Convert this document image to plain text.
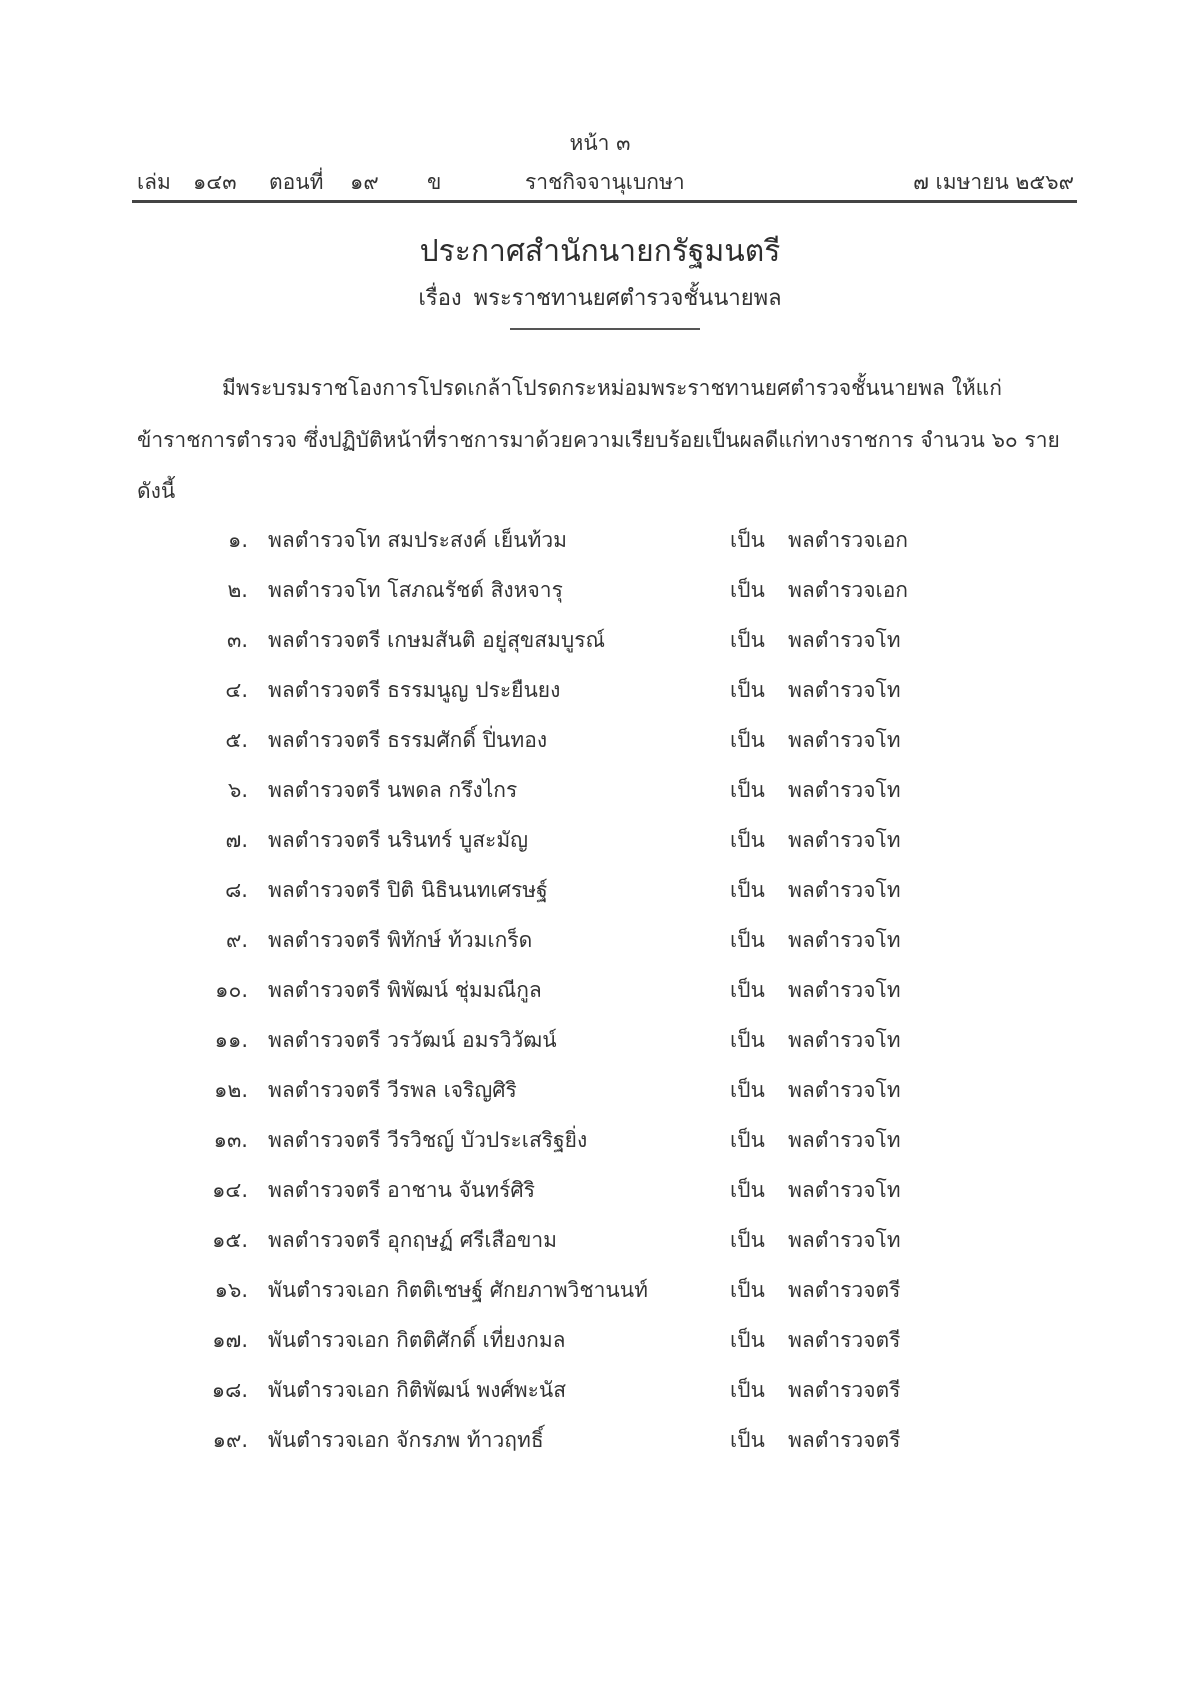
หน้า ๓
เล่ม ๑๔๓ ตอนที่ ๑๙ ข	ราชกิจจานุเบกษา	๗ เมษายน ๒๕๖๙
ประกาศสำนักนายกรัฐมนตรี
เรื่อง พระราชทานยศตำรวจชั้นนายพล
มีพระบรมราชโองการโปรดเกล้าโปรดกระหม่อมพระราชทานยศตำรวจชั้นนายพล ให้แก่
ข้าราชการตำรวจ ซึ่งปฏิบัติหน้าที่ราชการมาด้วยความเรียบร้อยเป็นผลดีแก่ทางราชการ จำนวน ๖๐ ราย
ดังนี้
๑. พลตำรวจโท สมประสงค์ เย็นท้วม	เป็น พลตำรวจเอก
๒. พลตำรวจโท โสภณรัชต์ สิงหจารุ	เป็น พลตำรวจเอก
๓. พลตำรวจตรี เกษมสันติ อยู่สุขสมบูรณ์	เป็น พลตำรวจโท
๔. พลตำรวจตรี ธรรมนูญ ประยืนยง	เป็น พลตำรวจโท
๕. พลตำรวจตรี ธรรมศักดิ์ ปิ่นทอง	เป็น พลตำรวจโท
๖. พลตำรวจตรี นพดล กรึงไกร	เป็น พลตำรวจโท
๗. พลตำรวจตรี นรินทร์ บูสะมัญ	เป็น พลตำรวจโท
๘. พลตำรวจตรี ปิติ นิธินนทเศรษฐ์	เป็น พลตำรวจโท
๙. พลตำรวจตรี พิทักษ์ ท้วมเกร็ด	เป็น พลตำรวจโท
๑๐. พลตำรวจตรี พิพัฒน์ ชุ่มมณีกูล	เป็น พลตำรวจโท
๑๑. พลตำรวจตรี วรวัฒน์ อมรวิวัฒน์	เป็น พลตำรวจโท
๑๒. พลตำรวจตรี วีรพล เจริญศิริ	เป็น พลตำรวจโท
๑๓. พลตำรวจตรี วีรวิชญ์ บัวประเสริฐยิ่ง	เป็น พลตำรวจโท
๑๔. พลตำรวจตรี อาชาน จันทร์ศิริ	เป็น พลตำรวจโท
๑๕. พลตำรวจตรี อุกฤษฏ์ ศรีเสือขาม	เป็น พลตำรวจโท
๑๖. พันตำรวจเอก กิตติเชษฐ์ ศักยภาพวิชานนท์	เป็น พลตำรวจตรี
๑๗. พันตำรวจเอก กิตติศักดิ์ เที่ยงกมล	เป็น พลตำรวจตรี
๑๘. พันตำรวจเอก กิติพัฒน์ พงศ์พะนัส	เป็น พลตำรวจตรี
๑๙. พันตำรวจเอก จักรภพ ท้าวฤทธิ์	เป็น พลตำรวจตรี
